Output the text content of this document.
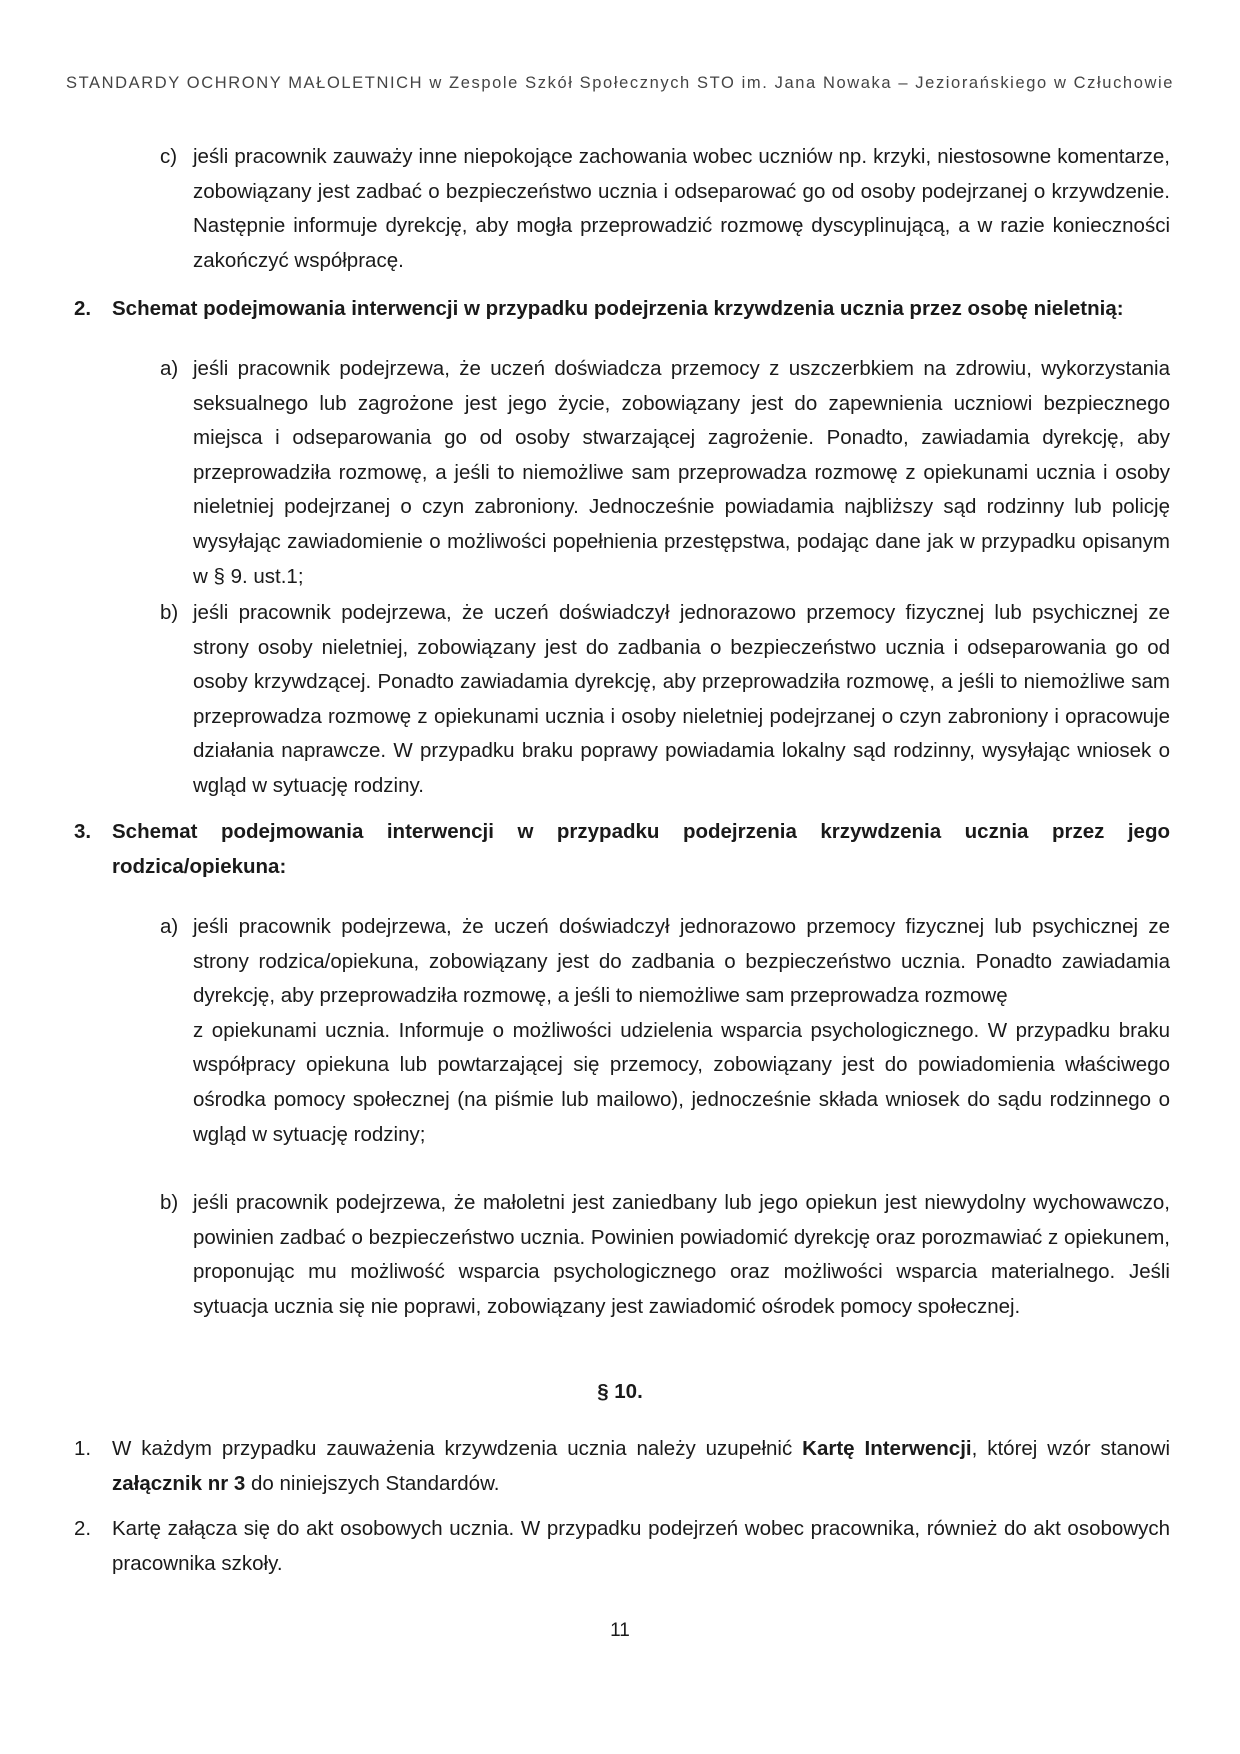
STANDARDY OCHRONY MAŁOLETNICH w Zespole Szkół Społecznych STO im. Jana Nowaka – Jeziorańskiego w Człuchowie
c) jeśli pracownik zauważy inne niepokojące zachowania wobec uczniów np. krzyki, niestosowne komentarze, zobowiązany jest zadbać o bezpieczeństwo ucznia i odseparować go od osoby podejrzanej o krzywdzenie. Następnie informuje dyrekcję, aby mogła przeprowadzić rozmowę dyscyplinującą, a w razie konieczności zakończyć współpracę.
2. Schemat podejmowania interwencji w przypadku podejrzenia krzywdzenia ucznia przez osobę nieletnią:
a) jeśli pracownik podejrzewa, że uczeń doświadcza przemocy z uszczerbkiem na zdrowiu, wykorzystania seksualnego lub zagrożone jest jego życie, zobowiązany jest do zapewnienia uczniowi bezpiecznego miejsca i odseparowania go od osoby stwarzającej zagrożenie. Ponadto, zawiadamia dyrekcję, aby przeprowadziła rozmowę, a jeśli to niemożliwe sam przeprowadza rozmowę z opiekunami ucznia i osoby nieletniej podejrzanej o czyn zabroniony. Jednocześnie powiadamia najbliższy sąd rodzinny lub policję wysyłając zawiadomienie o możliwości popełnienia przestępstwa, podając dane jak w przypadku opisanym w § 9. ust.1;
b) jeśli pracownik podejrzewa, że uczeń doświadczył jednorazowo przemocy fizycznej lub psychicznej ze strony osoby nieletniej, zobowiązany jest do zadbania o bezpieczeństwo ucznia i odseparowania go od osoby krzywdzącej. Ponadto zawiadamia dyrekcję, aby przeprowadziła rozmowę, a jeśli to niemożliwe sam przeprowadza rozmowę z opiekunami ucznia i osoby nieletniej podejrzanej o czyn zabroniony i opracowuje działania naprawcze. W przypadku braku poprawy powiadamia lokalny sąd rodzinny, wysyłając wniosek o wgląd w sytuację rodziny.
3. Schemat podejmowania interwencji w przypadku podejrzenia krzywdzenia ucznia przez jego rodzica/opiekuna:
a) jeśli pracownik podejrzewa, że uczeń doświadczył jednorazowo przemocy fizycznej lub psychicznej ze strony rodzica/opiekuna, zobowiązany jest do zadbania o bezpieczeństwo ucznia. Ponadto zawiadamia dyrekcję, aby przeprowadziła rozmowę, a jeśli to niemożliwe sam przeprowadza rozmowę
z opiekunami ucznia. Informuje o możliwości udzielenia wsparcia psychologicznego. W przypadku braku współpracy opiekuna lub powtarzającej się przemocy, zobowiązany jest do powiadomienia właściwego ośrodka pomocy społecznej (na piśmie lub mailowo), jednocześnie składa wniosek do sądu rodzinnego o wgląd w sytuację rodziny;
b) jeśli pracownik podejrzewa, że małoletni jest zaniedbany lub jego opiekun jest niewydolny wychowawczo, powinien zadbać o bezpieczeństwo ucznia. Powinien powiadomić dyrekcję oraz porozmawiać z opiekunem, proponując mu możliwość wsparcia psychologicznego oraz możliwości wsparcia materialnego. Jeśli sytuacja ucznia się nie poprawi, zobowiązany jest zawiadomić ośrodek pomocy społecznej.
§ 10.
1. W każdym przypadku zauważenia krzywdzenia ucznia należy uzupełnić Kartę Interwencji, której wzór stanowi załącznik nr 3 do niniejszych Standardów.
2. Kartę załącza się do akt osobowych ucznia. W przypadku podejrzeń wobec pracownika, również do akt osobowych pracownika szkoły.
11
